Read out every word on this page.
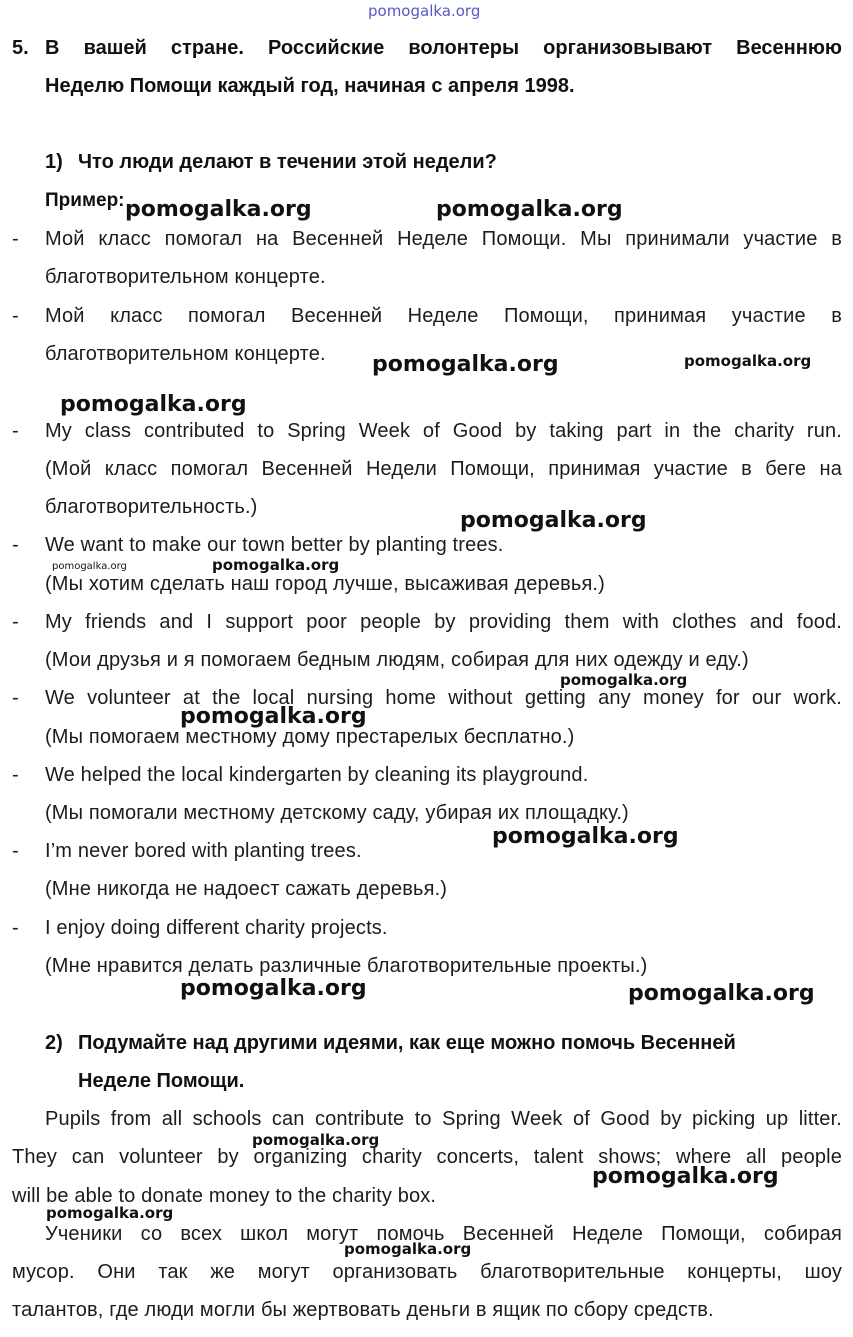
pomogalka.org
5. В вашей стране. Российские волонтеры организовывают Весеннюю
Неделю Помощи каждый год, начиная с апреля 1998.
1) Что люди делают в течении этой недели?
Пример:
- Мой класс помогал на Весенней Неделе Помощи. Мы принимали участие в
благотворительном концерте.
- Мой класс помогал Весенней Неделе Помощи, принимая участие в
благотворительном концерте.
- My class contributed to Spring Week of Good by taking part in the charity run.
(Мой класс помогал Весенней Недели Помощи, принимая участие в беге на
благотворительность.)
- We want to make our town better by planting trees.
(Мы хотим сделать наш город лучше, высаживая деревья.)
- My friends and I support poor people by providing them with clothes and food.
(Мои друзья и я помогаем бедным людям, собирая для них одежду и еду.)
- We volunteer at the local nursing home without getting any money for our work.
(Мы помогаем местному дому престарелых бесплатно.)
- We helped the local kindergarten by cleaning its playground.
(Мы помогали местному детскому саду, убирая их площадку.)
- I’m never bored with planting trees.
(Мне никогда не надоест сажать деревья.)
- I enjoy doing different charity projects.
(Мне нравится делать различные благотворительные проекты.)
2) Подумайте над другими идеями, как еще можно помочь Весенней
Неделе Помощи.
Pupils from all schools can contribute to Spring Week of Good by picking up litter.
They can volunteer by organizing charity concerts, talent shows; where all people
will be able to donate money to the charity box.
Ученики со всех школ могут помочь Весенней Неделе Помощи, собирая
мусор. Они так же могут организовать благотворительные концерты, шоу
талантов, где люди могли бы жертвовать деньги в ящик по сбору средств.
pomogalka.org	pomogalka.org
pomogalka.org	pomogalka.org
pomogalka.org
pomogalka.org
pomogalka.org	pomogalka.org
pomogalka.org
pomogalka.org
pomogalka.org
pomogalka.org	pomogalka.org
pomogalka.org
pomogalka.org
pomogalka.org
pomogalka.org
